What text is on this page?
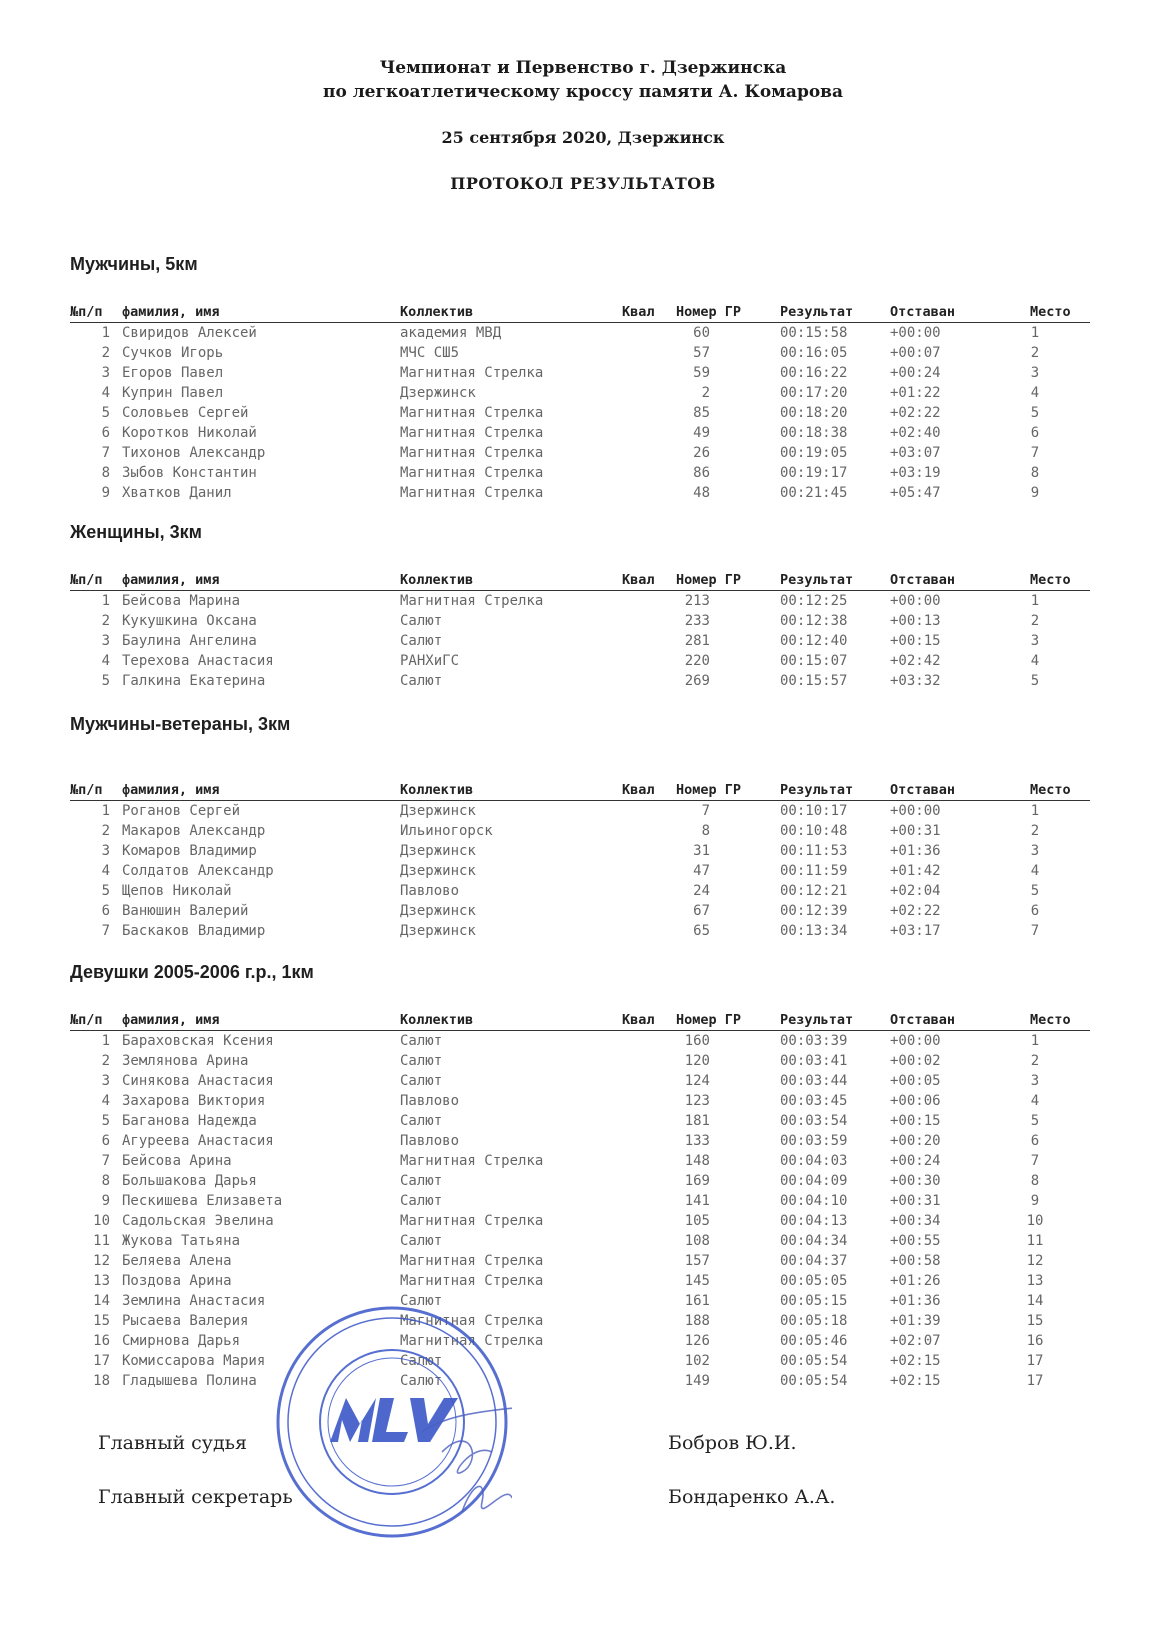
Чемпионат и Первенство г. Дзержинска
по легкоатлетическому кроссу памяти А. Комарова
25 сентября 2020, Дзержинск
ПРОТОКОЛ РЕЗУЛЬТАТОВ
Мужчины, 5км
№п/п фамилия, имя	Коллектив	Квал Номер ГР	Результат	Отставан	Место
1 Свиридов Алексей	академия МВД	60	00:15:58	+00:00	1
2 Сучков Игорь	МЧС СШ5	57	00:16:05	+00:07	2
3 Егоров Павел	Магнитная Стрелка	59	00:16:22	+00:24	3
4 Куприн Павел	Дзержинск	2	00:17:20	+01:22	4
5 Соловьев Сергей	Магнитная Стрелка	85	00:18:20	+02:22	5
6 Коротков Николай	Магнитная Стрелка	49	00:18:38	+02:40	6
7 Тихонов Александр	Магнитная Стрелка	26	00:19:05	+03:07	7
8 Зыбов Константин	Магнитная Стрелка	86	00:19:17	+03:19	8
9 Хватков Данил	Магнитная Стрелка	48	00:21:45	+05:47	9
Женщины, 3км
№п/п фамилия, имя	Коллектив	Квал Номер ГР	Результат	Отставан	Место
1 Бейсова Марина	Магнитная Стрелка	213	00:12:25	+00:00	1
2 Кукушкина Оксана	Салют	233	00:12:38	+00:13	2
3 Баулина Ангелина	Салют	281	00:12:40	+00:15	3
4 Терехова Анастасия	РАНХиГС	220	00:15:07	+02:42	4
5 Галкина Екатерина	Салют	269	00:15:57	+03:32	5
Мужчины-ветераны, 3км
№п/п фамилия, имя	Коллектив	Квал Номер ГР	Результат	Отставан	Место
1 Роганов Сергей	Дзержинск	7	00:10:17	+00:00	1
2 Макаров Александр	Ильиногорск	8	00:10:48	+00:31	2
3 Комаров Владимир	Дзержинск	31	00:11:53	+01:36	3
4 Солдатов Александр	Дзержинск	47	00:11:59	+01:42	4
5 Щепов Николай	Павлово	24	00:12:21	+02:04	5
6 Ванюшин Валерий	Дзержинск	67	00:12:39	+02:22	6
7 Баскаков Владимир	Дзержинск	65	00:13:34	+03:17	7
Девушки 2005-2006 г.р., 1км
№п/п фамилия, имя	Коллектив	Квал Номер ГР	Результат	Отставан	Место
1 Бараховская Ксения	Салют	160	00:03:39	+00:00	1
2 Землянова Арина	Салют	120	00:03:41	+00:02	2
3 Синякова Анастасия	Салют	124	00:03:44	+00:05	3
4 Захарова Виктория	Павлово	123	00:03:45	+00:06	4
5 Баганова Надежда	Салют	181	00:03:54	+00:15	5
6 Агуреева Анастасия	Павлово	133	00:03:59	+00:20	6
7 Бейсова Арина	Магнитная Стрелка	148	00:04:03	+00:24	7
8 Большакова Дарья	Салют	169	00:04:09	+00:30	8
9 Пескишева Елизавета	Салют	141	00:04:10	+00:31	9
10 Садольская Эвелина	Магнитная Стрелка	105	00:04:13	+00:34	10
11 Жукова Татьяна	Салют	108	00:04:34	+00:55	11
12 Беляева Алена	Магнитная Стрелка	157	00:04:37	+00:58	12
13 Поздова Арина	Магнитная Стрелка	145	00:05:05	+01:26	13
14 Землина Анастасия	Салют	161	00:05:15	+01:36	14
15 Рысаева Валерия	Магнитная Стрелка	188	00:05:18	+01:39	15
16 Смирнова Дарья	Магнитная Стрелка	126	00:05:46	+02:07	16
17 Комиссарова Мария	Салют	102	00:05:54	+02:15	17
18 Гладышева Полина	Салют	149	00:05:54	+02:15	17
Главный судья	Бобров Ю.И.
Главный секретарь	Бондаренко А.А.
